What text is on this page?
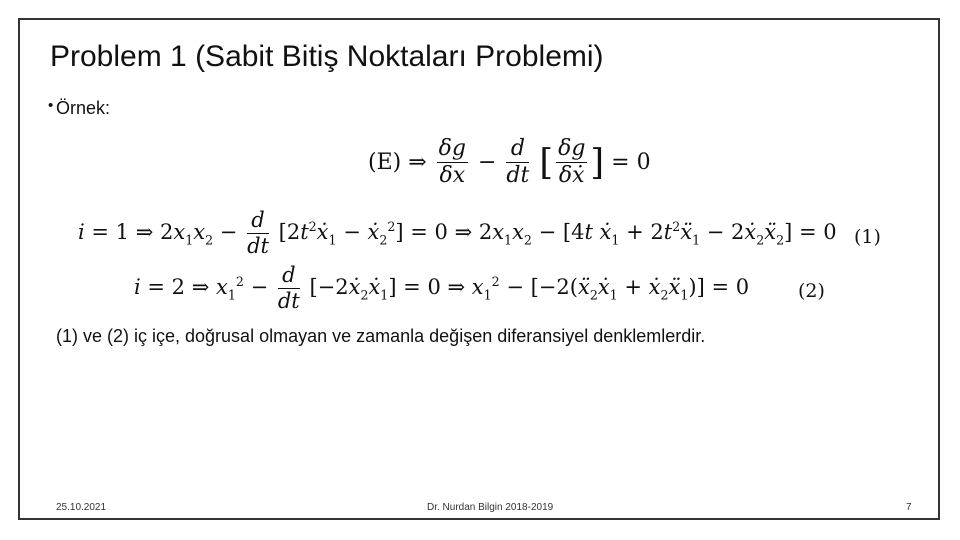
Problem 1 (Sabit Bitiş Noktaları Problemi)
• Örnek:
(E) ⇒ $\frac{\delta g}{\delta x} - \frac{d}{dt}$ [ $\frac{\delta g}{\text{δẋ}}$ ] = 0
i = 1 ⇒ $2x_1x_2 - \frac{d}{dt}$ [$2t^2ẋ_1$ − ẋ$_2^2$] = 0 ⇒ $2x_1x_2 - [4t$ ẋ$_1$ + $2t^2ẍ_1$ − 2ẋ$_2$ẍ$_2$] = 0 (1)
i = 2 ⇒ $x_1^2 - \frac{d}{dt}$ [−2ẋ$_2$ẋ$_1$] = 0 ⇒ $x_1^2$ − [−2(ẍ$_2$ẋ$_1$ + ẋ$_2$ẍ$_1$)] = 0	(2)
(1) ve (2) iç içe, doğrusal olmayan ve zamanla değişen diferansiyel denklemlerdir.
25.10.2021	Dr. Nurdan Bilgin 2018-2019	7
